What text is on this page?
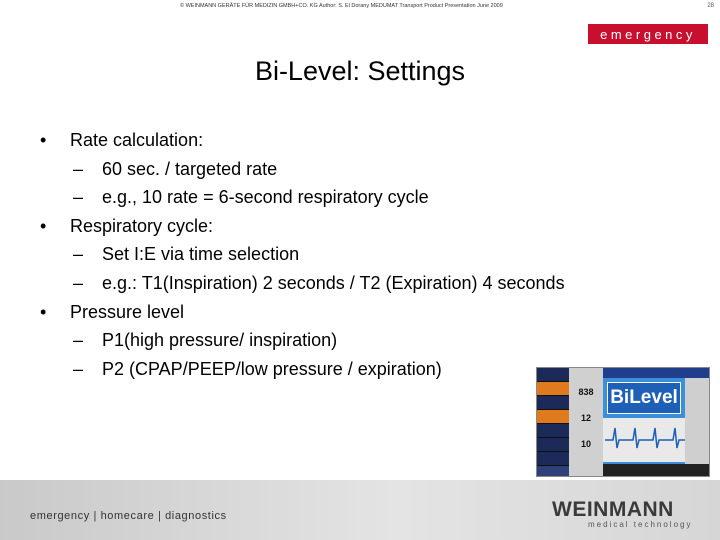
© WEINMANN GERÄTE FÜR MEDIZIN GMBH+CO. KG Author: S. El Dorany MEDUMAT Transport Product Presentation June 2009	28
emergency
Bi-Level: Settings
• Rate calculation:
– 60 sec. / targeted rate
– e.g., 10 rate = 6-second respiratory cycle
• Respiratory cycle:
– Set I:E via time selection
– e.g.: T1(Inspiration) 2 seconds / T2 (Expiration) 4 seconds
• Pressure level
– P1(high pressure/ inspiration)
– P2 (CPAP/PEEP/low pressure / expiration)
838
12
10
BiLevel
emergency | homecare | diagnostics	WEINMANN
medical technology
